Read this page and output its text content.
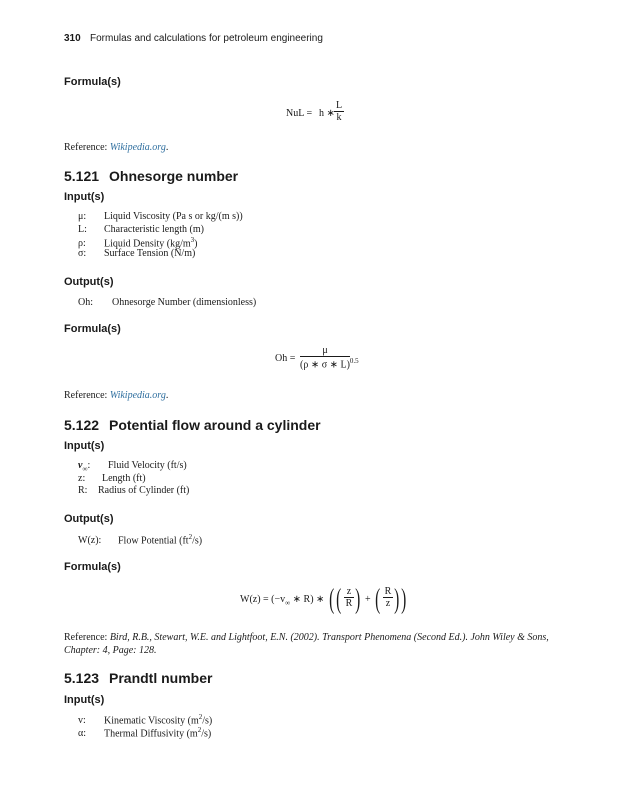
310 Formulas and calculations for petroleum engineering
Formula(s)
NuL = h ∗ $\frac{L}{k}$
Reference: Wikipedia.org.
5.121 Ohnesorge number
Input(s)
μ: Liquid Viscosity (Pa s or kg/(m s))
L: Characteristic length (m)
ρ: Liquid Density $(kg/m^3)$
σ: Surface Tension (N/m)
Output(s)
Oh: Ohnesorge Number (dimensionless)
Formula(s)
$Oh = \frac{\mu}{(\rho ∗ \sigma ∗ L)^{0.5}}$
Reference: Wikipedia.org.
5.122 Potential flow around a cylinder
Input(s)
$v_\infty$: Fluid Velocity (ft/s)
z: Length (ft)
R: Radius of Cylinder (ft)
Output(s)
W(z): Flow Potential $(ft^2/s)$
Formula(s)
$W(z) = (-v_\infty$ ∗ R) ∗ ( ( $\frac{z}{R}$ ) + ( $\frac{R}{z}$ ) )
Reference: Bird, R.B., Stewart, W.E. and Lightfoot, E.N. (2002). Transport Phenomena (Second Ed.). John Wiley & Sons,
Chapter: 4, Page: 128.
5.123 Prandtl number
Input(s)
v: Kinematic Viscosity $(m^2/s)$
α: Thermal Diffusivity $(m^2/s)$
